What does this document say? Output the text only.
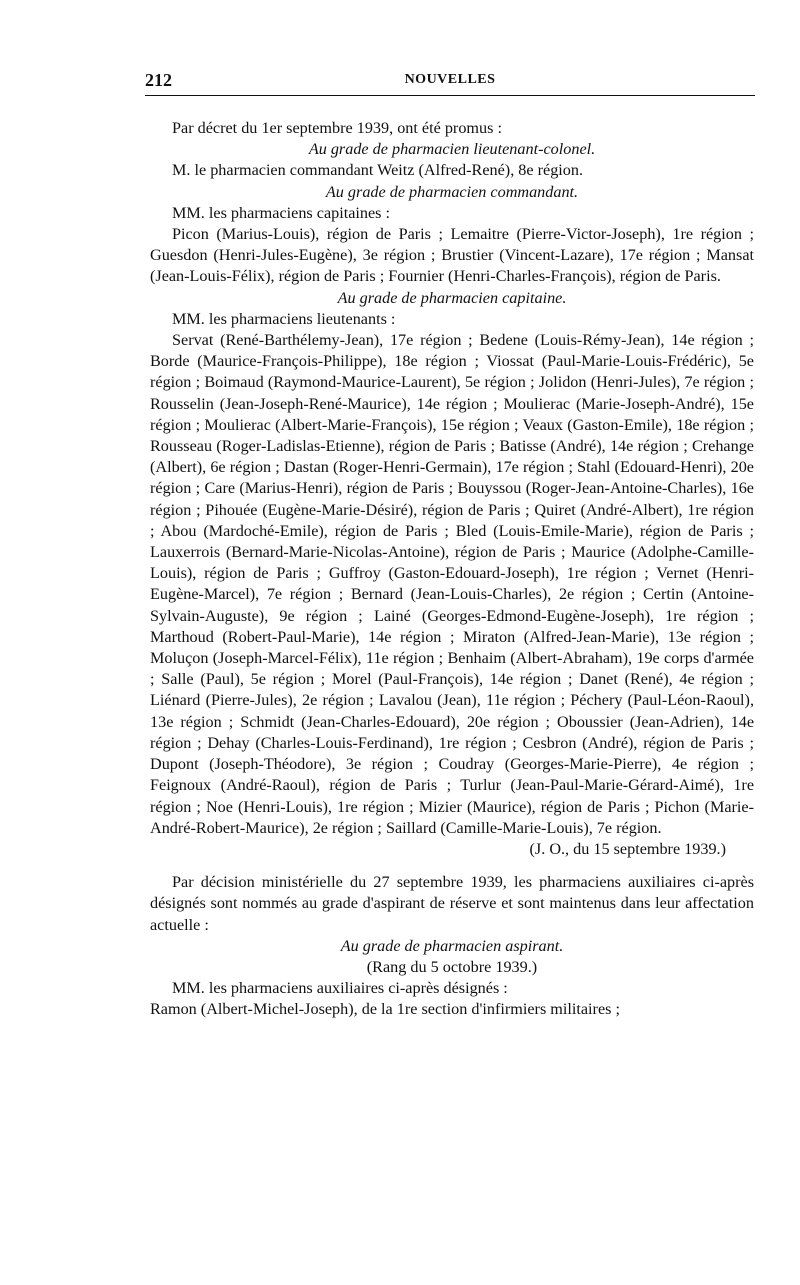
212	NOUVELLES

Par décret du 1er septembre 1939, ont été promus :

Au grade de pharmacien lieutenant-colonel.

M. le pharmacien commandant Weitz (Alfred-René), 8e région.

Au grade de pharmacien commandant.

MM. les pharmaciens capitaines :

Picon (Marius-Louis), région de Paris ; Lemaitre (Pierre-Victor-Joseph), 1re région ; Guesdon (Henri-Jules-Eugène), 3e région ; Brustier (Vincent-Lazare), 17e région ; Mansat (Jean-Louis-Félix), région de Paris ; Fournier (Henri-Charles-François), région de Paris.

Au grade de pharmacien capitaine.

MM. les pharmaciens lieutenants :

Servat (René-Barthélemy-Jean), 17e région ; Bedene (Louis-Rémy-Jean), 14e région ; Borde (Maurice-François-Philippe), 18e région ; Viossat (Paul-Marie-Louis-Frédéric), 5e région ; Boimaud (Raymond-Maurice-Laurent), 5e région ; Jolidon (Henri-Jules), 7e région ; Rousselin (Jean-Joseph-René-Maurice), 14e région ; Moulierac (Marie-Joseph-André), 15e région ; Moulierac (Albert-Marie-François), 15e région ; Veaux (Gaston-Emile), 18e région ; Rousseau (Roger-Ladislas-Etienne), région de Paris ; Batisse (André), 14e région ; Crehange (Albert), 6e région ; Dastan (Roger-Henri-Germain), 17e région ; Stahl (Edouard-Henri), 20e région ; Care (Marius-Henri), région de Paris ; Bouyssou (Roger-Jean-Antoine-Charles), 16e région ; Pihouée (Eugène-Marie-Désiré), région de Paris ; Quiret (André-Albert), 1re région ; Abou (Mardoché-Emile), région de Paris ; Bled (Louis-Emile-Marie), région de Paris ; Lauxerrois (Bernard-Marie-Nicolas-Antoine), région de Paris ; Maurice (Adolphe-Camille-Louis), région de Paris ; Guffroy (Gaston-Edouard-Joseph), 1re région ; Vernet (Henri-Eugène-Marcel), 7e région ; Bernard (Jean-Louis-Charles), 2e région ; Certin (Antoine-Sylvain-Auguste), 9e région ; Lainé (Georges-Edmond-Eugène-Joseph), 1re région ; Marthoud (Robert-Paul-Marie), 14e région ; Miraton (Alfred-Jean-Marie), 13e région ; Moluçon (Joseph-Marcel-Félix), 11e région ; Benhaim (Albert-Abraham), 19e corps d'armée ; Salle (Paul), 5e région ; Morel (Paul-François), 14e région ; Danet (René), 4e région ; Liénard (Pierre-Jules), 2e région ; Lavalou (Jean), 11e région ; Péchery (Paul-Léon-Raoul), 13e région ; Schmidt (Jean-Charles-Edouard), 20e région ; Oboussier (Jean-Adrien), 14e région ; Dehay (Charles-Louis-Ferdinand), 1re région ; Cesbron (André), région de Paris ; Dupont (Joseph-Théodore), 3e région ; Coudray (Georges-Marie-Pierre), 4e région ; Feignoux (André-Raoul), région de Paris ; Turlur (Jean-Paul-Marie-Gérard-Aimé), 1re région ; Noe (Henri-Louis), 1re région ; Mizier (Maurice), région de Paris ; Pichon (Marie-André-Robert-Maurice), 2e région ; Saillard (Camille-Marie-Louis), 7e région.

(J. O., du 15 septembre 1939.)

Par décision ministérielle du 27 septembre 1939, les pharmaciens auxiliaires ci-après désignés sont nommés au grade d'aspirant de réserve et sont maintenus dans leur affectation actuelle :

Au grade de pharmacien aspirant.

(Rang du 5 octobre 1939.)

MM. les pharmaciens auxiliaires ci-après désignés :

Ramon (Albert-Michel-Joseph), de la 1re section d'infirmiers militaires ;
